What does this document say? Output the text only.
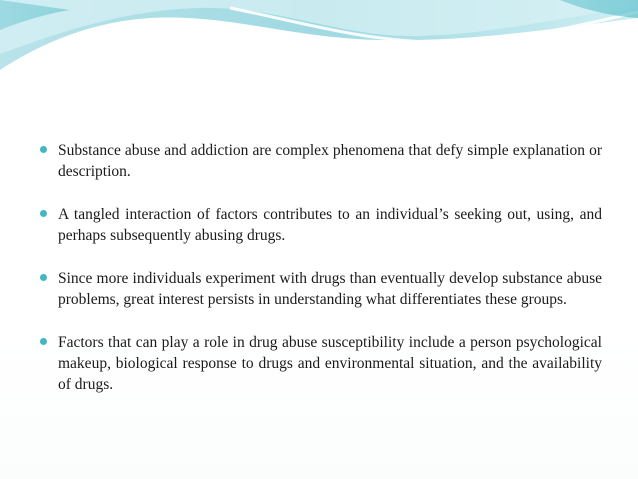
Substance abuse and addiction are complex phenomena that defy simple explanation or description.
A tangled interaction of factors contributes to an individual’s seeking out, using, and perhaps subsequently abusing drugs.
Since more individuals experiment with drugs than eventually develop substance abuse problems, great interest persists in understanding what differentiates these groups.
Factors that can play a role in drug abuse susceptibility include a person psychological makeup, biological response to drugs and environmental situation, and the availability of drugs.
